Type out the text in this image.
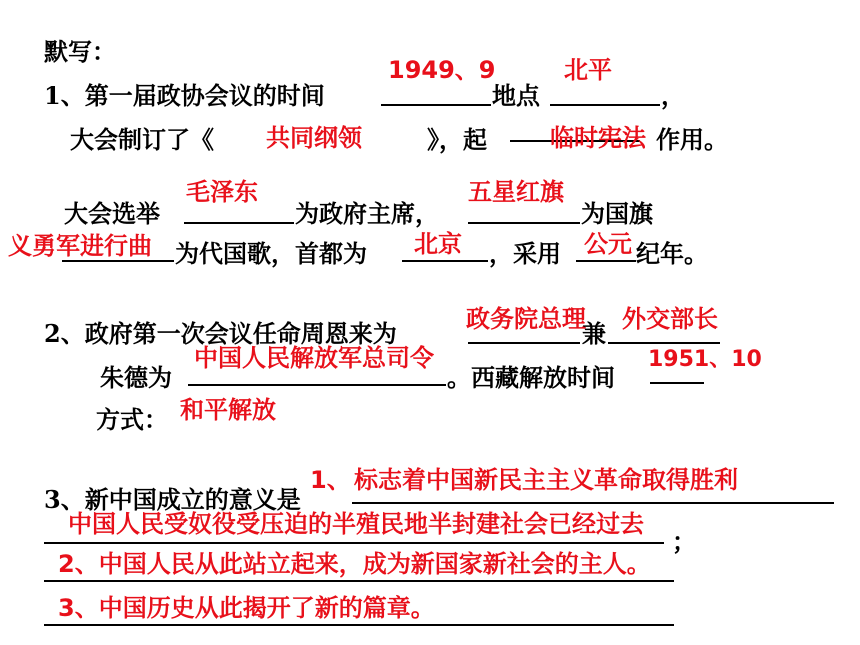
默写：
1、第一届政协会议的时间
1949、9
地点
北平
，
大会制订了《 共同纲领	》，起	临时宪法 作用。
毛泽东	五星红旗
大会选举	为政府主席，	为国旗
义勇军进行曲 为代国歌，首都为 北京 ，采用 公元 纪年。
政务院总理 外交部长
2、政府第一次会议任命周恩来为	兼
中国人民解放军总司令	1951、10
朱德为	。西藏解放时间
和平解放
方式：
1、 标志着中国新民主主义革命取得胜利
3、新中国成立的意义是
中国人民受奴役受压迫的半殖民地半封建社会已经过去
；
2、中国人民从此站立起来，成为新国家新社会的主人。
3、中国历史从此揭开了新的篇章。
